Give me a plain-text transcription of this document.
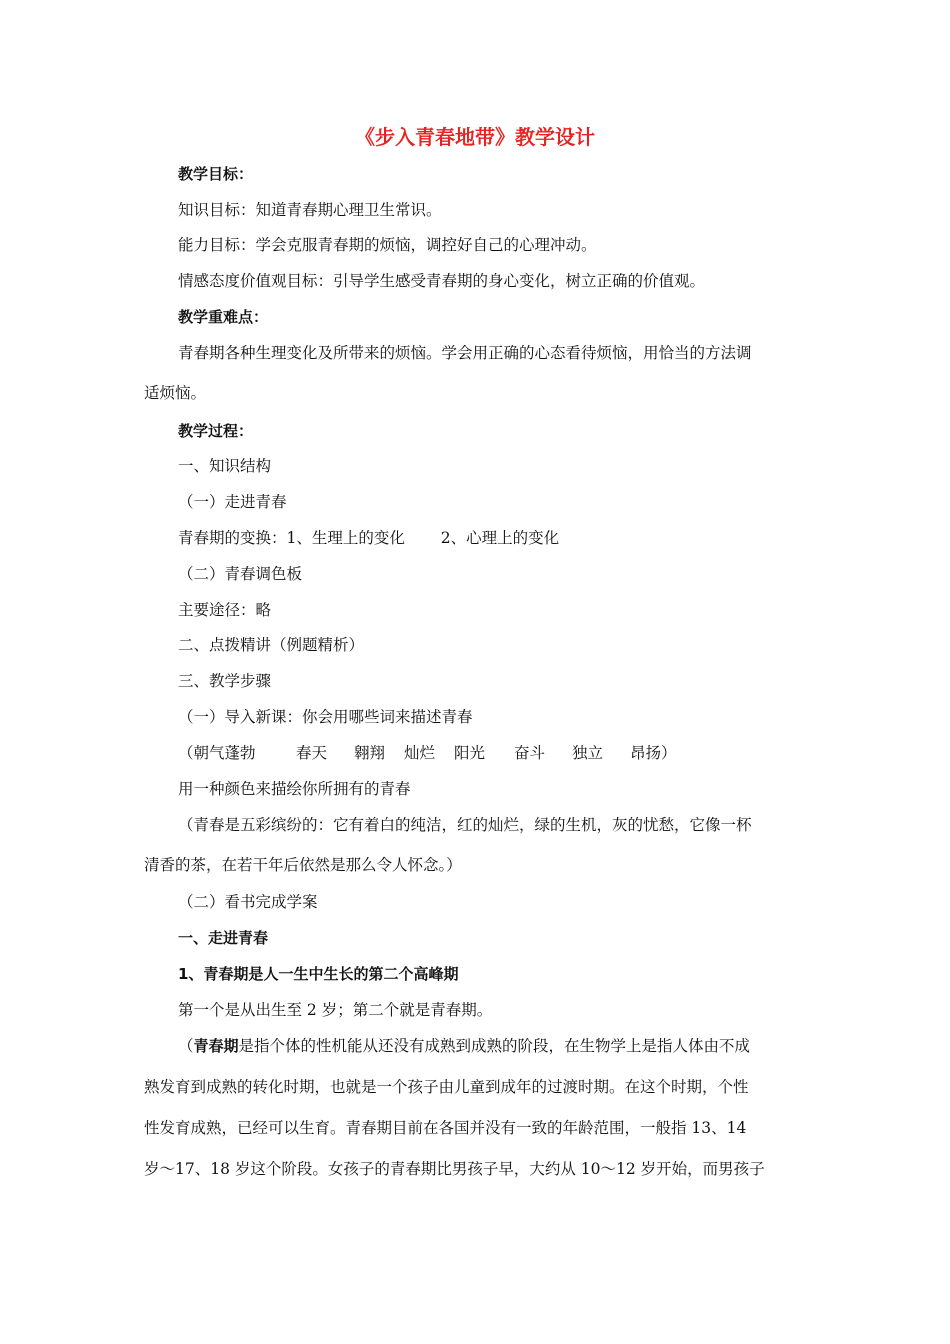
《步入青春地带》教学设计
教学目标：
知识目标：知道青春期心理卫生常识。
能力目标：学会克服青春期的烦恼，调控好自己的心理冲动。
情感态度价值观目标：引导学生感受青春期的身心变化，树立正确的价值观。
教学重难点：
青春期各种生理变化及所带来的烦恼。学会用正确的心态看待烦恼，用恰当的方法调
适烦恼。
教学过程：
一、知识结构
（一）走进青春
青春期的变换：1、生理上的变化　　 2、心理上的变化
（二）青春调色板
主要途径：略
二、点拨精讲（例题精析）
三、教学步骤
（一）导入新课：你会用哪些词来描述青春
（朝气蓬勃	春天 翱翔 灿烂 阳光 奋斗 独立 昂扬）
用一种颜色来描绘你所拥有的青春
（青春是五彩缤纷的：它有着白的纯洁，红的灿烂，绿的生机，灰的忧愁，它像一杯
清香的茶，在若干年后依然是那么令人怀念。）
（二）看书完成学案
一、走进青春
1、青春期是人一生中生长的第二个高峰期
第一个是从出生至 2 岁；第二个就是青春期。
（青春期是指个体的性机能从还没有成熟到成熟的阶段，在生物学上是指人体由不成
熟发育到成熟的转化时期，也就是一个孩子由儿童到成年的过渡时期。在这个时期，个性
性发育成熟，已经可以生育。青春期目前在各国并没有一致的年龄范围，一般指 13、14
岁～17、18 岁这个阶段。女孩子的青春期比男孩子早，大约从 10～12 岁开始，而男孩子
